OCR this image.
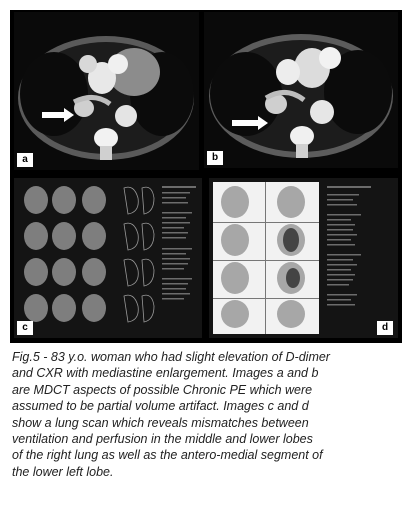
a	b
c	d
Fig.5 - 83 y.o. woman who had slight elevation of D-dimer
and CXR with mediastine enlargement. Images a and b
are MDCT aspects of possible Chronic PE which were
assumed to be partial volume artifact. Images c and d
show a lung scan which reveals mismatches between
ventilation and perfusion in the middle and lower lobes
of the right lung as well as the antero-medial segment of
the lower left lobe.
